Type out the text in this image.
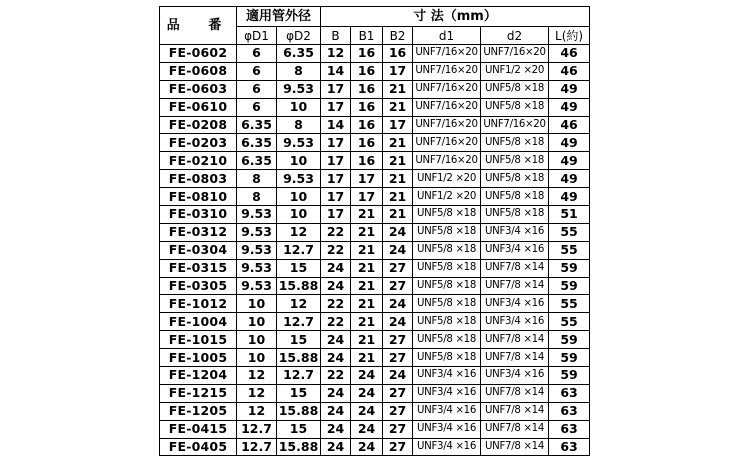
品　番	適用管外径		寸 法（mm）					
	φD1	φD2	B	B1	B2	d1	d2	L(約)
FE-0602	6	6.35	12	16	16	UNF7/16×20	UNF7/16×20	46
FE-0608	6	8	14	16	17	UNF7/16×20	UNF1/2 ×20	46
FE-0603	6	9.53	17	16	21	UNF7/16×20	UNF5/8 ×18	49
FE-0610	6	10	17	16	21	UNF7/16×20	UNF5/8 ×18	49
FE-0208	6.35	8	14	16	17	UNF7/16×20	UNF7/16×20	46
FE-0203	6.35	9.53	17	16	21	UNF7/16×20	UNF5/8 ×18	49
FE-0210	6.35	10	17	16	21	UNF7/16×20	UNF5/8 ×18	49
FE-0803	8	9.53	17	17	21	UNF1/2 ×20	UNF5/8 ×18	49
FE-0810	8	10	17	17	21	UNF1/2 ×20	UNF5/8 ×18	49
FE-0310	9.53	10	17	21	21	UNF5/8 ×18	UNF5/8 ×18	51
FE-0312	9.53	12	22	21	24	UNF5/8 ×18	UNF3/4 ×16	55
FE-0304	9.53	12.7	22	21	24	UNF5/8 ×18	UNF3/4 ×16	55
FE-0315	9.53	15	24	21	27	UNF5/8 ×18	UNF7/8 ×14	59
FE-0305	9.53	15.88	24	21	27	UNF5/8 ×18	UNF7/8 ×14	59
FE-1012	10	12	22	21	24	UNF5/8 ×18	UNF3/4 ×16	55
FE-1004	10	12.7	22	21	24	UNF5/8 ×18	UNF3/4 ×16	55
FE-1015	10	15	24	21	27	UNF5/8 ×18	UNF7/8 ×14	59
FE-1005	10	15.88	24	21	27	UNF5/8 ×18	UNF7/8 ×14	59
FE-1204	12	12.7	22	24	24	UNF3/4 ×16	UNF3/4 ×16	59
FE-1215	12	15	24	24	27	UNF3/4 ×16	UNF7/8 ×14	63
FE-1205	12	15.88	24	24	27	UNF3/4 ×16	UNF7/8 ×14	63
FE-0415	12.7	15	24	24	27	UNF3/4 ×16	UNF7/8 ×14	63
FE-0405	12.7	15.88	24	24	27	UNF3/4 ×16	UNF7/8 ×14	63
